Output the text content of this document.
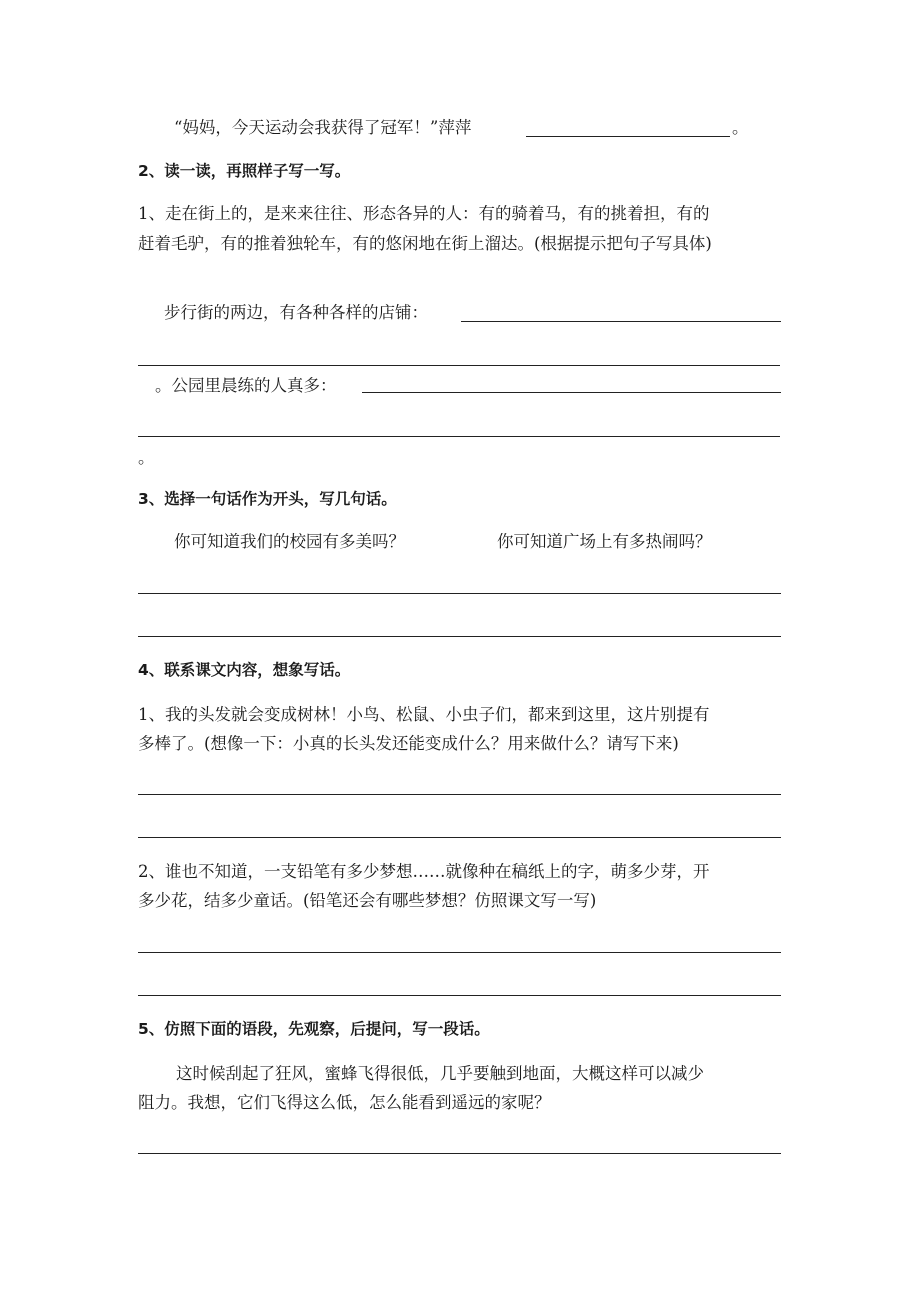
“妈妈，今天运动会我获得了冠军！”萍萍	。
2、读一读，再照样子写一写。
1、走在街上的，是来来往往、形态各异的人：有的骑着马，有的挑着担，有的
赶着毛驴，有的推着独轮车，有的悠闲地在街上溜达。(根据提示把句子写具体)
步行街的两边，有各种各样的店铺：
。公园里晨练的人真多：
。
3、选择一句话作为开头，写几句话。
你可知道我们的校园有多美吗？	你可知道广场上有多热闹吗？
4、联系课文内容，想象写话。
1、我的头发就会变成树林！小鸟、松鼠、小虫子们，都来到这里，这片别提有
多棒了。(想像一下：小真的长头发还能变成什么？用来做什么？请写下来)
2、谁也不知道，一支铅笔有多少梦想……就像种在稿纸上的字，萌多少芽，开
多少花，结多少童话。(铅笔还会有哪些梦想？仿照课文写一写)
5、仿照下面的语段，先观察，后提问，写一段话。
这时候刮起了狂风，蜜蜂飞得很低，几乎要触到地面，大概这样可以减少
阻力。我想，它们飞得这么低，怎么能看到遥远的家呢？
